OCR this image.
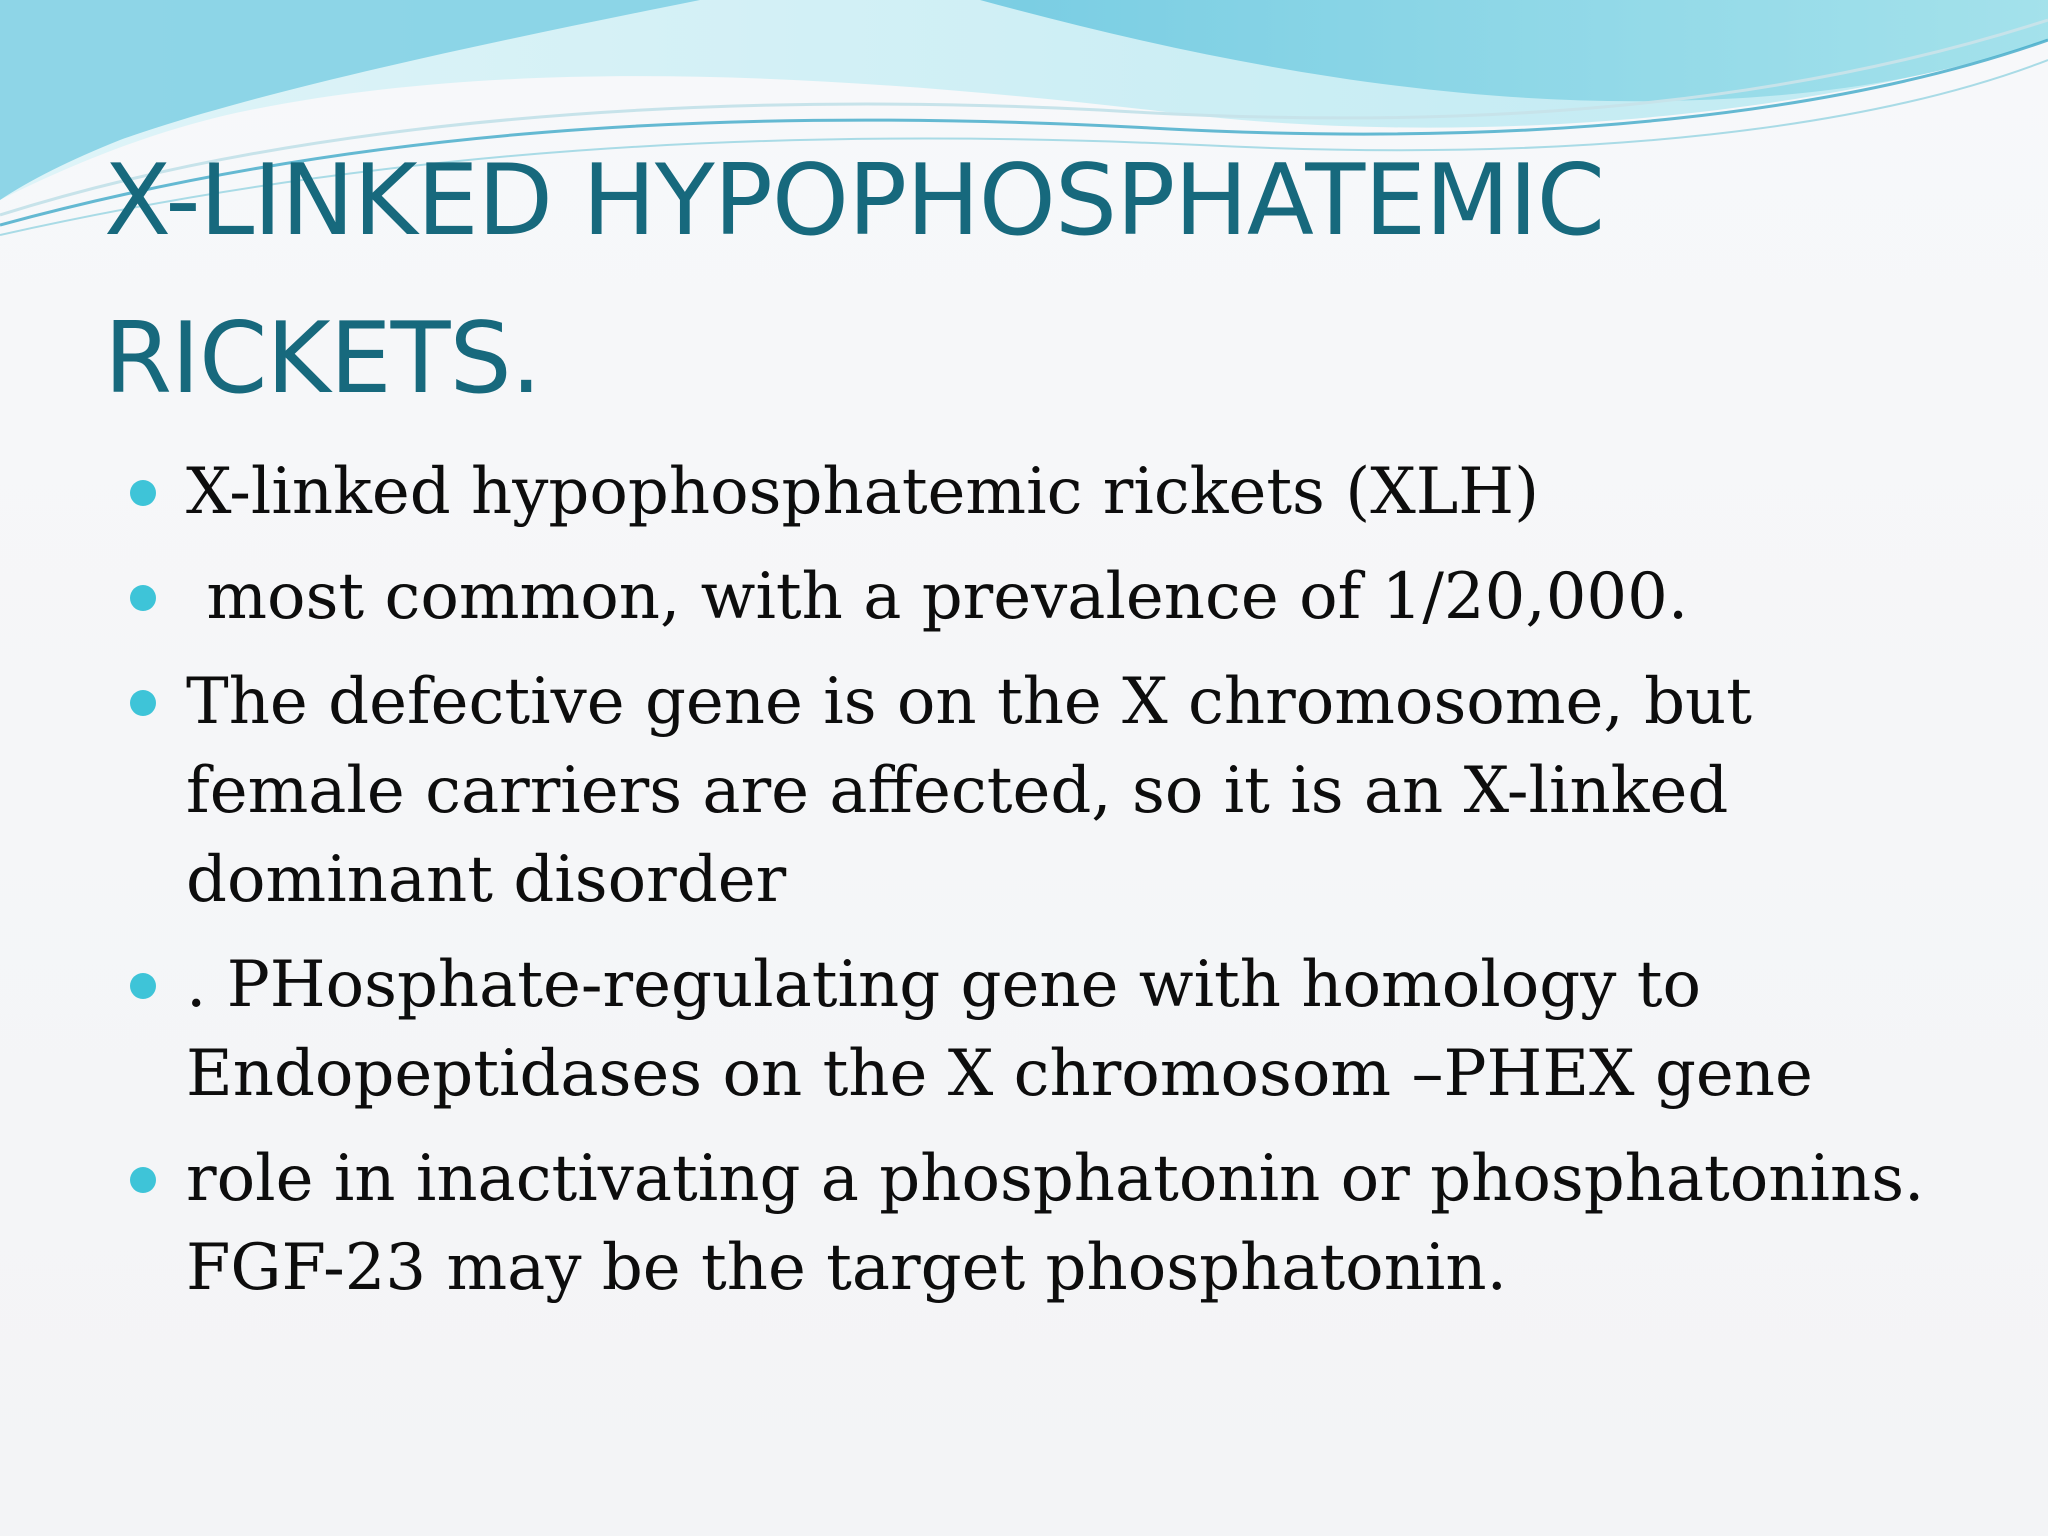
X-LINKED HYPOPHOSPHATEMIC
RICKETS.
X-linked hypophosphatemic rickets (XLH)
most common, with a prevalence of 1/20,000.
The defective gene is on the X chromosome, but
female carriers are affected, so it is an X-linked
dominant disorder
. PHosphate-regulating gene with homology to
Endopeptidases on the X chromosom –PHEX gene
role in inactivating a phosphatonin or phosphatonins.
FGF-23 may be the target phosphatonin.
